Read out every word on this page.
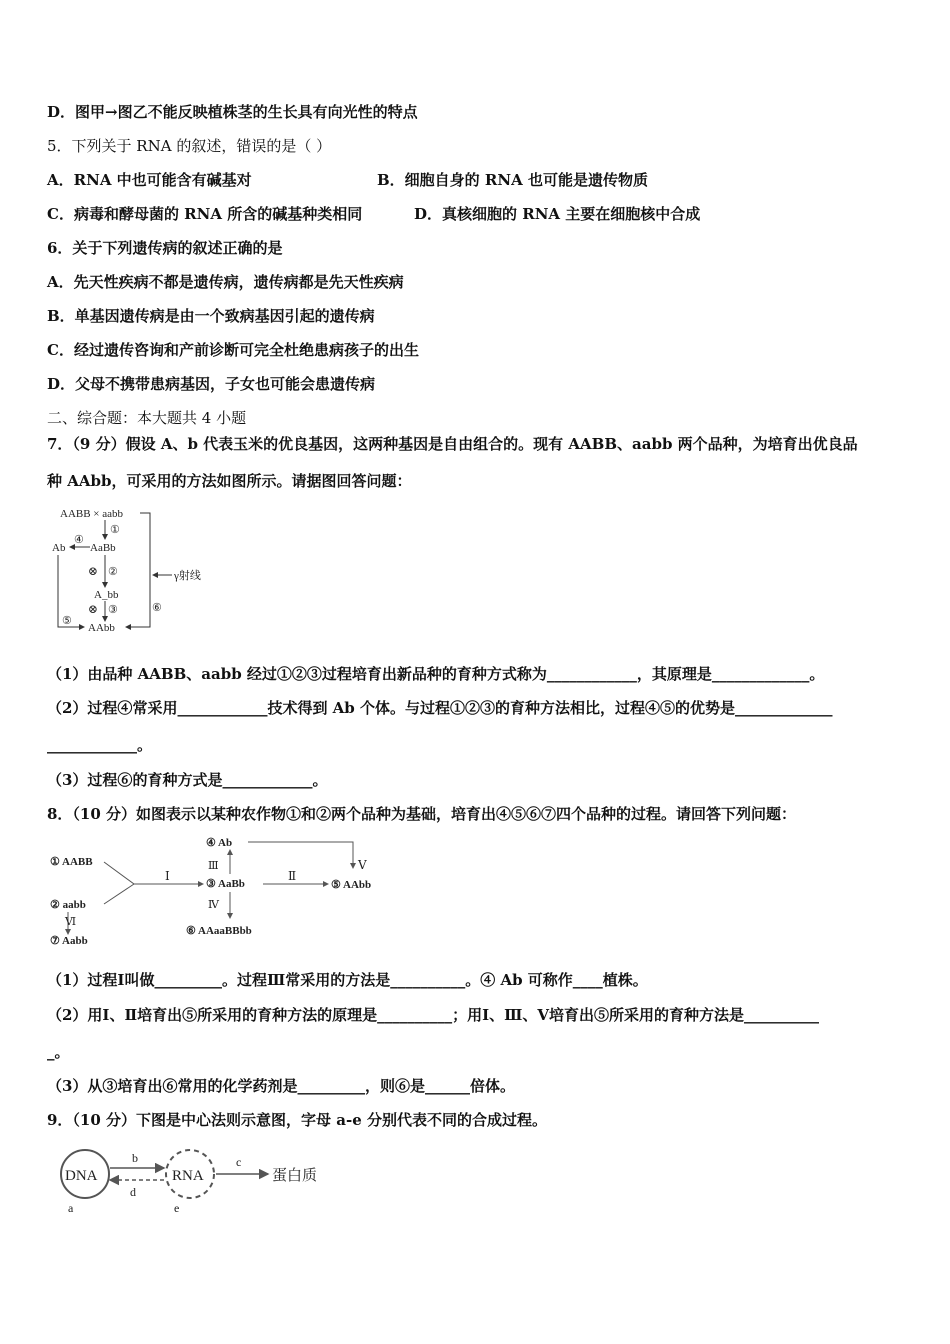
D．图甲→图乙不能反映植株茎的生长具有向光性的特点
5．下列关于 RNA 的叙述，错误的是（ ）
A．RNA 中也可能含有碱基对	B．细胞自身的 RNA 也可能是遗传物质
C．病毒和酵母菌的 RNA 所含的碱基种类相同	D．真核细胞的 RNA 主要在细胞核中合成
6．关于下列遗传病的叙述正确的是
A．先天性疾病不都是遗传病，遗传病都是先天性疾病
B．单基因遗传病是由一个致病基因引起的遗传病
C．经过遗传咨询和产前诊断可完全杜绝患病孩子的出生
D．父母不携带患病基因，子女也可能会患遗传病
二、综合题：本大题共 4 小题
7．（9 分）假设 A、b 代表玉米的优良基因，这两种基因是自由组合的。现有 AABB、aabb 两个品种，为培育出优良品
种 AAbb，可采用的方法如图所示。请据图回答问题：
AABB × aabb
①
AaBb
Ab
④
⊗ ②
A_bb
⊗ ③
AAbb
⑤
⑥
γ射线
（1）由品种 AABB、aabb 经过①②③过程培育出新品种的育种方式称为____________，其原理是_____________。
（2）过程④常采用____________技术得到 Ab 个体。与过程①②③的育种方法相比，过程④⑤的优势是_____________
____________。
（3）过程⑥的育种方式是____________。
8．（10 分）如图表示以某种农作物①和②两个品种为基础，培育出④⑤⑥⑦四个品种的过程。请回答下列问题：
① AABB
② aabb
Ⅰ
③ AaBb
④ Ab
Ⅲ	Ⅴ
Ⅱ
⑤ AAbb
Ⅳ
⑥ AAaaBBbb
Ⅵ
⑦ Aabb
（1）过程Ⅰ叫做_________。过程Ⅲ常采用的方法是__________。④ Ab 可称作____植株。
（2）用Ⅰ、Ⅱ培育出⑤所采用的育种方法的原理是__________；用Ⅰ、Ⅲ、Ⅴ培育出⑤所采用的育种方法是__________
_。
（3）从③培育出⑥常用的化学药剂是_________，则⑥是______倍体。
9．（10 分）下图是中心法则示意图，字母 a-e 分别代表不同的合成过程。
DNA
a
b
d
RNA
e
c
蛋白质
